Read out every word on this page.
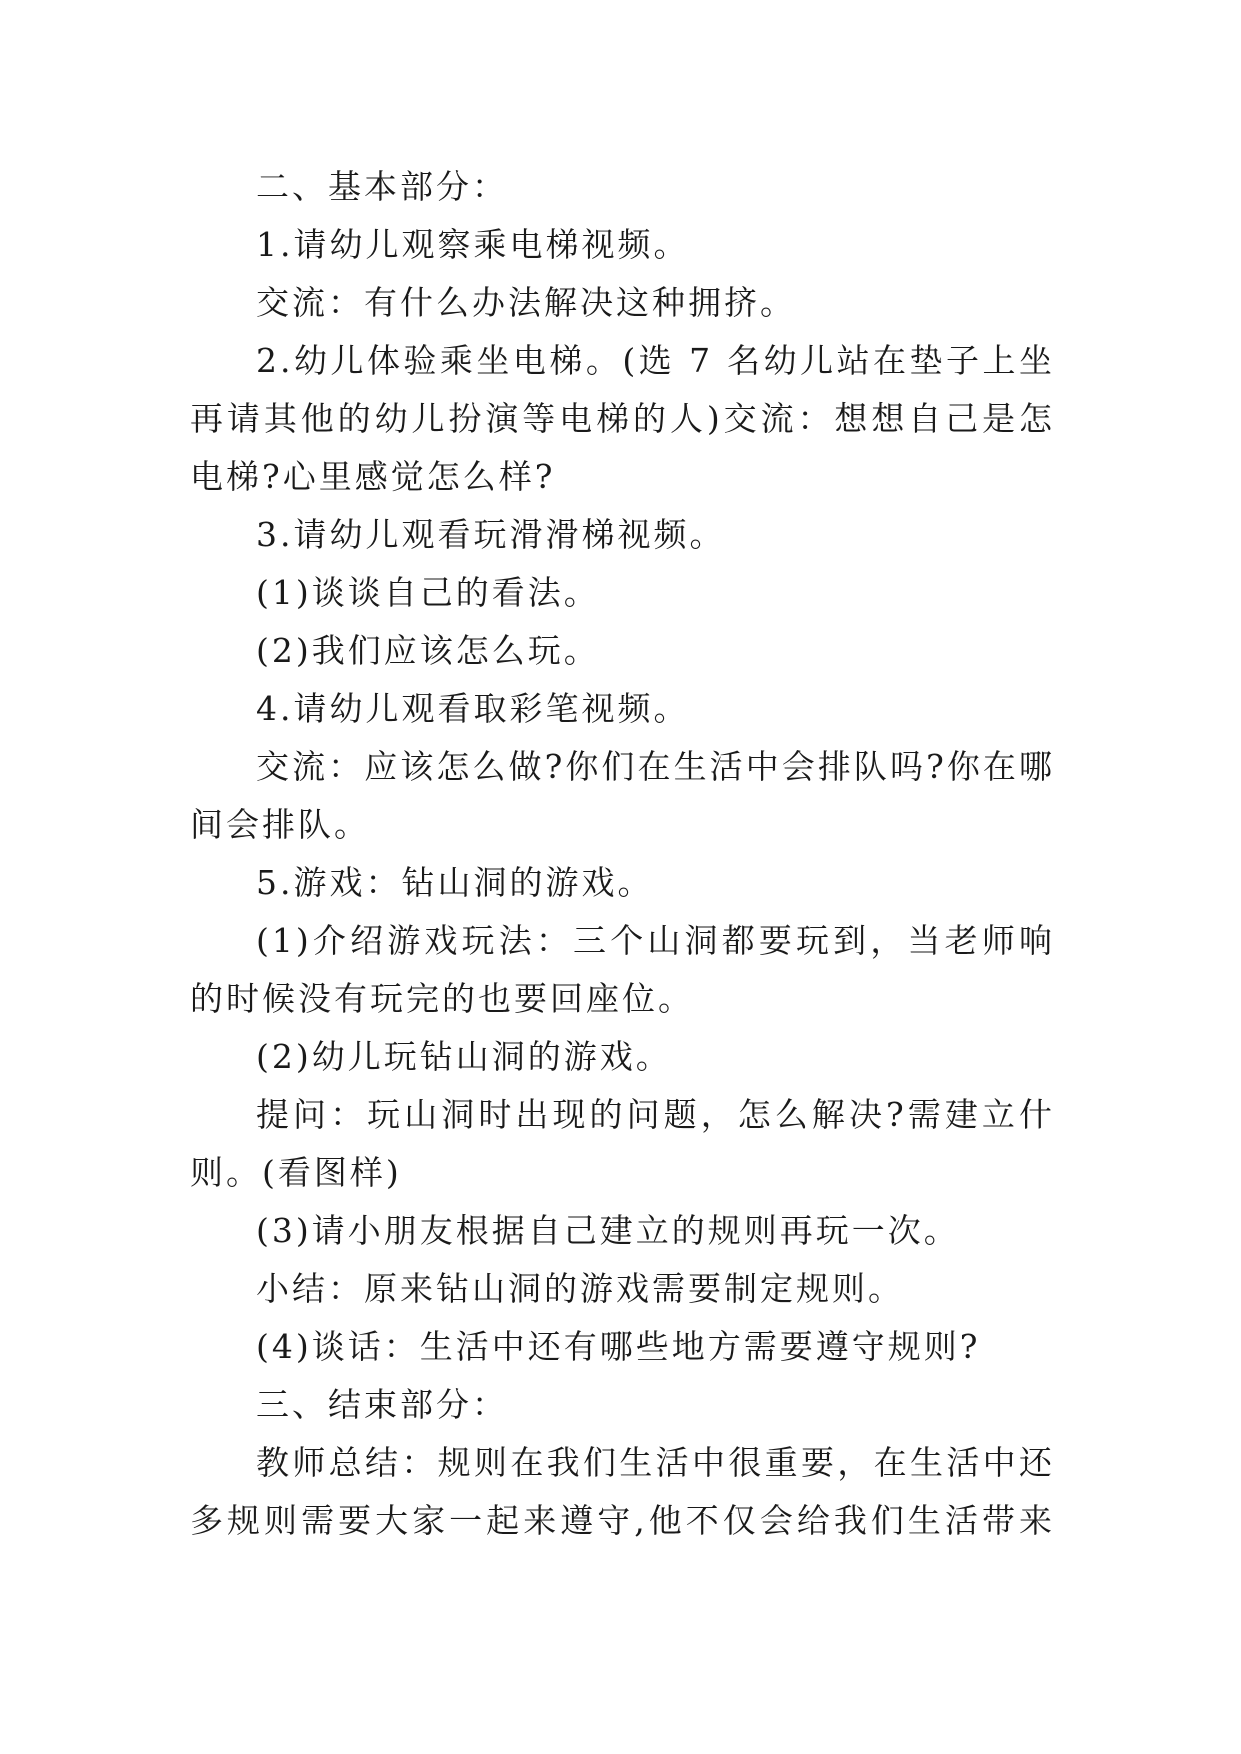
二、基本部分：
1.请幼儿观察乘电梯视频。
交流：有什么办法解决这种拥挤。
2.幼儿体验乘坐电梯。(选 7 名幼儿站在垫子上坐
再请其他的幼儿扮演等电梯的人)交流：想想自己是怎
电梯?心里感觉怎么样?
3.请幼儿观看玩滑滑梯视频。
(1)谈谈自己的看法。
(2)我们应该怎么玩。
4.请幼儿观看取彩笔视频。
交流：应该怎么做?你们在生活中会排队吗?你在哪
间会排队。
5.游戏：钻山洞的游戏。
(1)介绍游戏玩法：三个山洞都要玩到，当老师响
的时候没有玩完的也要回座位。
(2)幼儿玩钻山洞的游戏。
提问：玩山洞时出现的问题，怎么解决?需建立什
则。(看图样)
(3)请小朋友根据自己建立的规则再玩一次。
小结：原来钻山洞的游戏需要制定规则。
(4)谈话：生活中还有哪些地方需要遵守规则?
三、结束部分：
教师总结：规则在我们生活中很重要，在生活中还
多规则需要大家一起来遵守,他不仅会给我们生活带来
